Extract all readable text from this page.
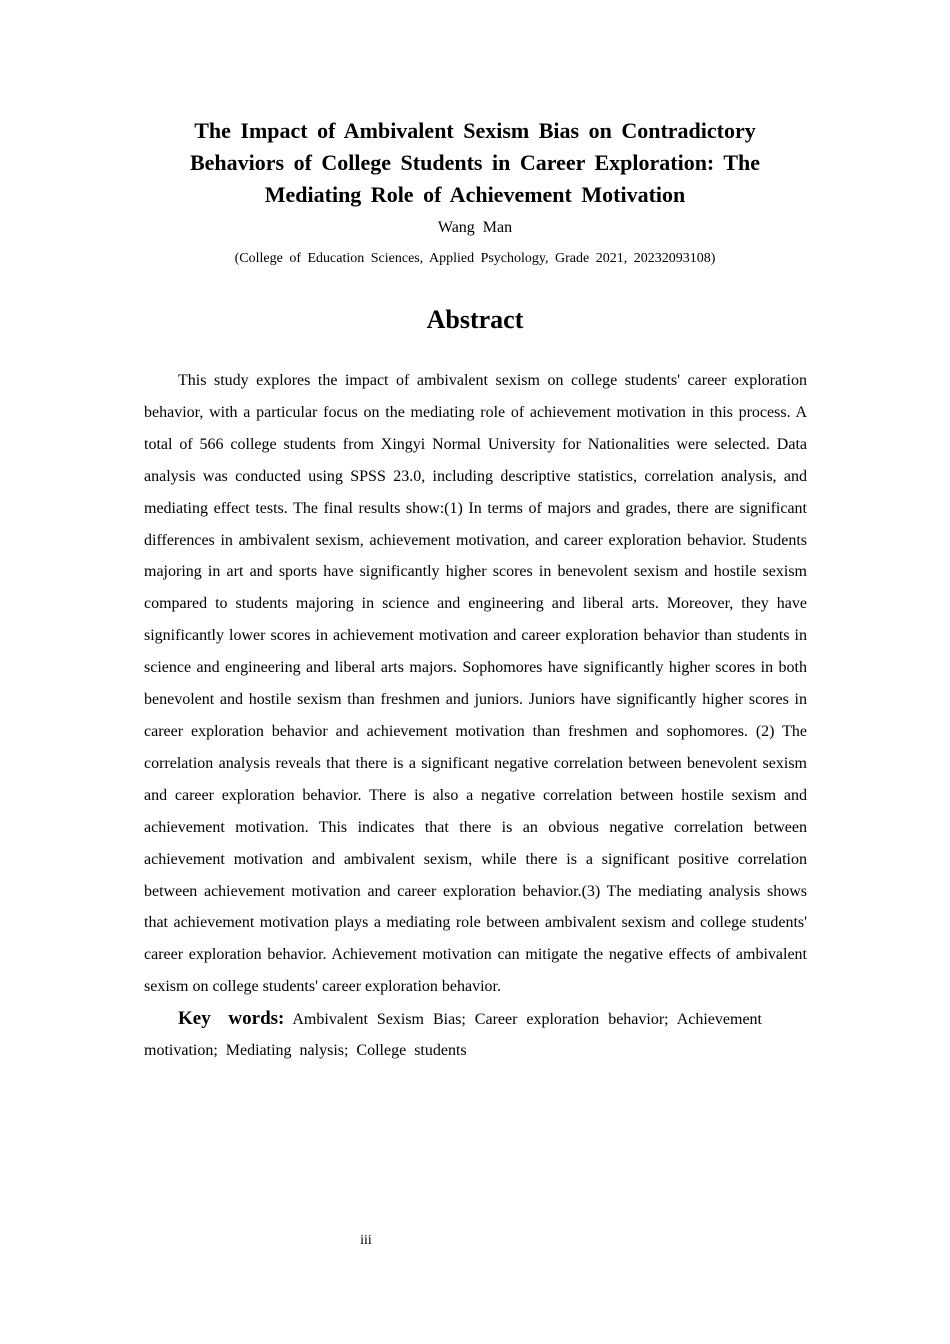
The Impact of Ambivalent Sexism Bias on Contradictory Behaviors of College Students in Career Exploration: The Mediating Role of Achievement Motivation
Wang Man
(College of Education Sciences, Applied Psychology, Grade 2021, 20232093108)
Abstract

This study explores the impact of ambivalent sexism on college students' career exploration behavior, with a particular focus on the mediating role of achievement motivation in this process. A total of 566 college students from Xingyi Normal University for Nationalities were selected. Data analysis was conducted using SPSS 23.0, including descriptive statistics, correlation analysis, and mediating effect tests. The final results show:(1) In terms of majors and grades, there are significant differences in ambivalent sexism, achievement motivation, and career exploration behavior. Students majoring in art and sports have significantly higher scores in benevolent sexism and hostile sexism compared to students majoring in science and engineering and liberal arts. Moreover, they have significantly lower scores in achievement motivation and career exploration behavior than students in science and engineering and liberal arts majors. Sophomores have significantly higher scores in both benevolent and hostile sexism than freshmen and juniors. Juniors have significantly higher scores in career exploration behavior and achievement motivation than freshmen and sophomores. (2) The correlation analysis reveals that there is a significant negative correlation between benevolent sexism and career exploration behavior. There is also a negative correlation between hostile sexism and achievement motivation. This indicates that there is an obvious negative correlation between achievement motivation and ambivalent sexism, while there is a significant positive correlation between achievement motivation and career exploration behavior.(3) The mediating analysis shows that achievement motivation plays a mediating role between ambivalent sexism and college students' career exploration behavior. Achievement motivation can mitigate the negative effects of ambivalent sexism on college students' career exploration behavior.

Key words: Ambivalent Sexism Bias; Career exploration behavior; Achievement motivation; Mediating nalysis; College students

iii
